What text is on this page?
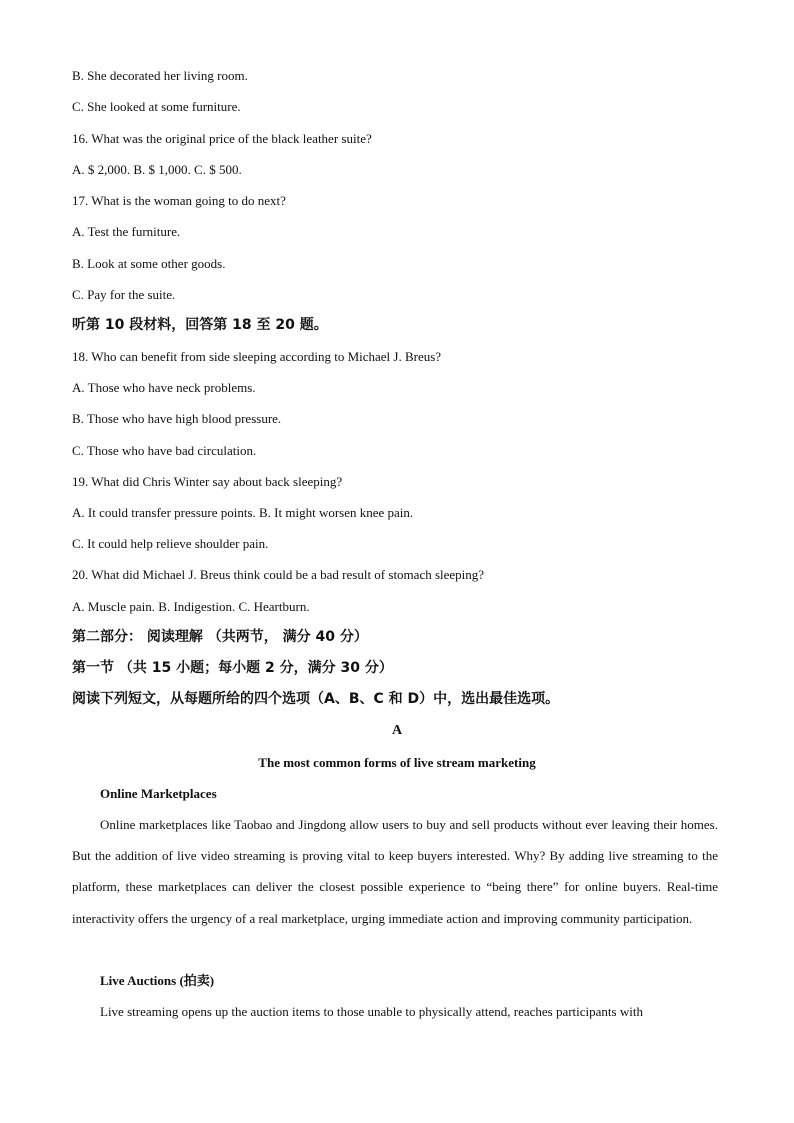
B. She decorated her living room.
C. She looked at some furniture.
16. What was the original price of the black leather suite?
A. $ 2,000. B. $ 1,000. C. $ 500.
17. What is the woman going to do next?
A. Test the furniture.
B. Look at some other goods.
C. Pay for the suite.
听第 10 段材料，回答第 18 至 20 题。
18. Who can benefit from side sleeping according to Michael J. Breus?
A. Those who have neck problems.
B. Those who have high blood pressure.
C. Those who have bad circulation.
19. What did Chris Winter say about back sleeping?
A. It could transfer pressure points. B. It might worsen knee pain.
C. It could help relieve shoulder pain.
20. What did Michael J. Breus think could be a bad result of stomach sleeping?
A. Muscle pain. B. Indigestion. C. Heartburn.
第二部分： 阅读理解 （共两节， 满分 40 分）
第一节 （共 15 小题；每小题 2 分，满分 30 分）
阅读下列短文，从每题所给的四个选项（A、B、C 和 D）中，选出最佳选项。
A
The most common forms of live stream marketing
Online Marketplaces
Online marketplaces like Taobao and Jingdong allow users to buy and sell products without ever leaving their homes. But the addition of live video streaming is proving vital to keep buyers interested. Why? By adding live streaming to the platform, these marketplaces can deliver the closest possible experience to “being there” for online buyers. Real-time interactivity offers the urgency of a real marketplace, urging immediate action and improving community participation.
Live Auctions (拍卖)
Live streaming opens up the auction items to those unable to physically attend, reaches participants with
